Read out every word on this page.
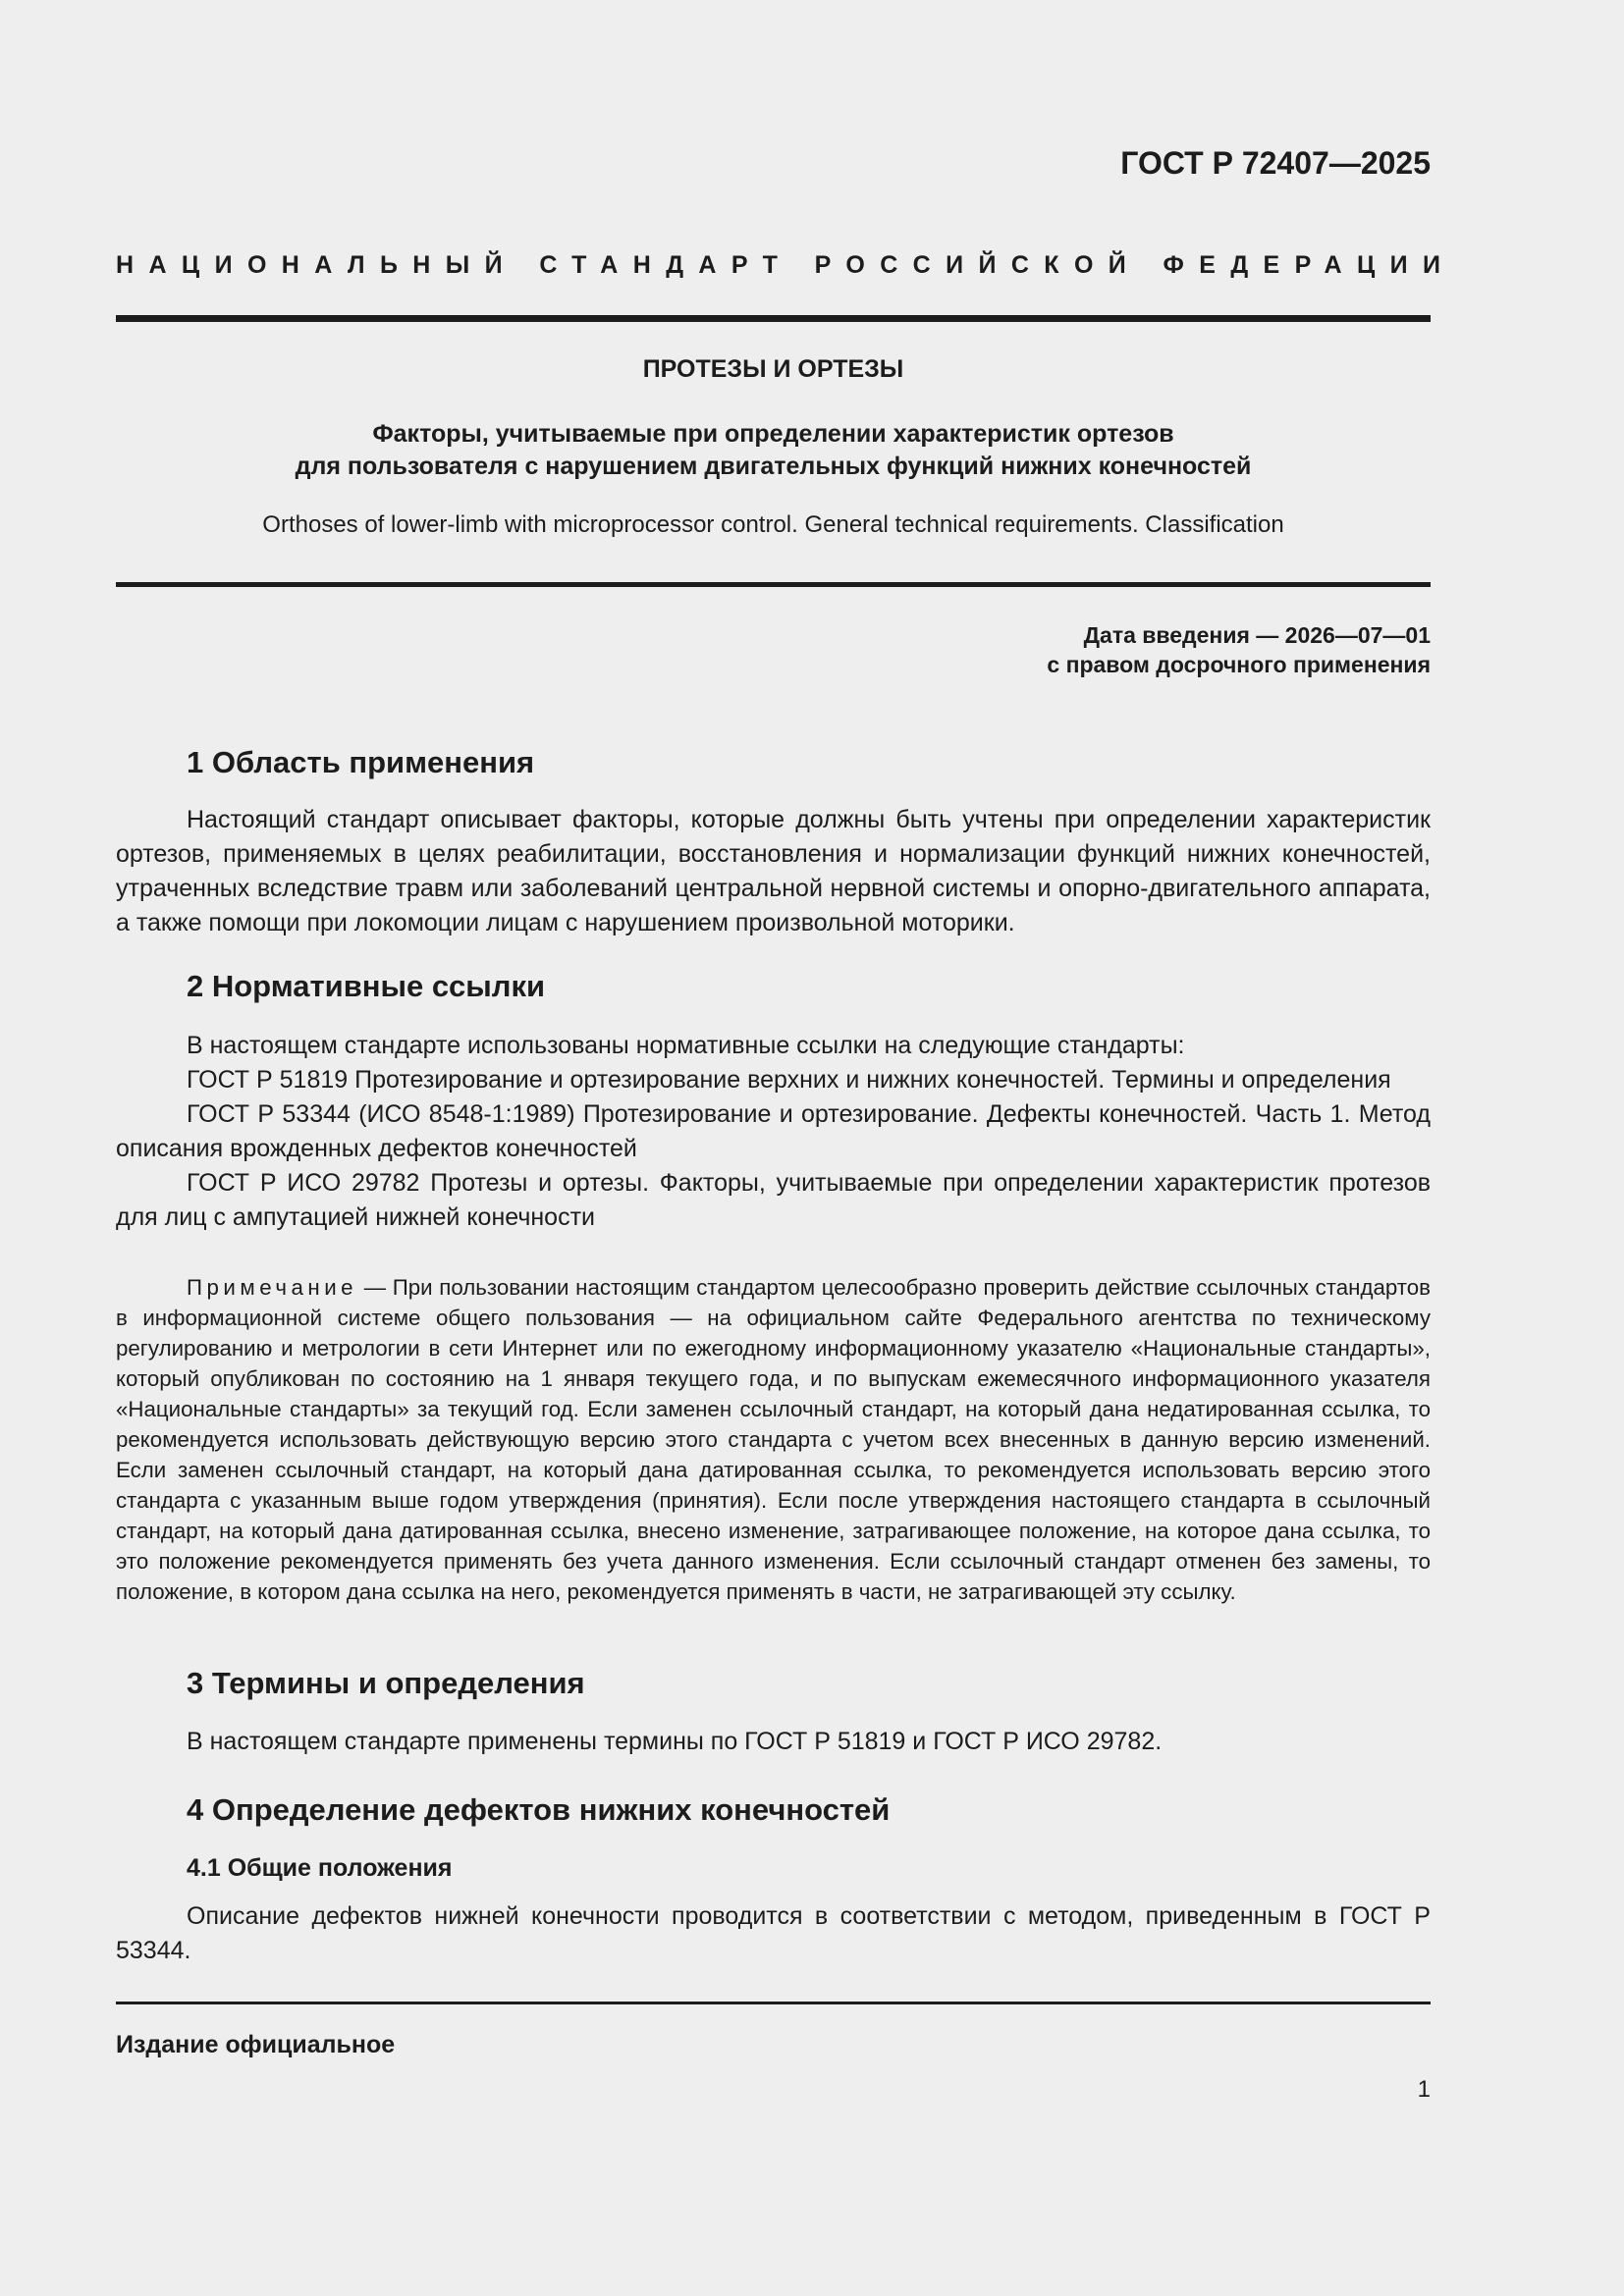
ГОСТ Р 72407—2025
НАЦИОНАЛЬНЫЙ СТАНДАРТ РОССИЙСКОЙ ФЕДЕРАЦИИ
ПРОТЕЗЫ И ОРТЕЗЫ
Факторы, учитываемые при определении характеристик ортезов
для пользователя с нарушением двигательных функций нижних конечностей
Orthoses of lower-limb with microprocessor control. General technical requirements. Classification
Дата введения — 2026—07—01
с правом досрочного применения
1 Область применения

Настоящий стандарт описывает факторы, которые должны быть учтены при определении характеристик ортезов, применяемых в целях реабилитации, восстановления и нормализации функций нижних конечностей, утраченных вследствие травм или заболеваний центральной нервной системы и опорно-двигательного аппарата, а также помощи при локомоции лицам с нарушением произвольной моторики.

2 Нормативные ссылки

В настоящем стандарте использованы нормативные ссылки на следующие стандарты:

ГОСТ Р 51819 Протезирование и ортезирование верхних и нижних конечностей. Термины и определения

ГОСТ Р 53344 (ИСО 8548-1:1989) Протезирование и ортезирование. Дефекты конечностей. Часть 1. Метод описания врожденных дефектов конечностей

ГОСТ Р ИСО 29782 Протезы и ортезы. Факторы, учитываемые при определении характеристик протезов для лиц с ампутацией нижней конечности

Примечание — При пользовании настоящим стандартом целесообразно проверить действие ссылочных стандартов в информационной системе общего пользования — на официальном сайте Федерального агентства по техническому регулированию и метрологии в сети Интернет или по ежегодному информационному указателю «Национальные стандарты», который опубликован по состоянию на 1 января текущего года, и по выпускам ежемесячного информационного указателя «Национальные стандарты» за текущий год. Если заменен ссылочный стандарт, на который дана недатированная ссылка, то рекомендуется использовать действующую версию этого стандарта с учетом всех внесенных в данную версию изменений. Если заменен ссылочный стандарт, на который дана датированная ссылка, то рекомендуется использовать версию этого стандарта с указанным выше годом утверждения (принятия). Если после утверждения настоящего стандарта в ссылочный стандарт, на который дана датированная ссылка, внесено изменение, затрагивающее положение, на которое дана ссылка, то это положение рекомендуется применять без учета данного изменения. Если ссылочный стандарт отменен без замены, то положение, в котором дана ссылка на него, рекомендуется применять в части, не затрагивающей эту ссылку.

3 Термины и определения

В настоящем стандарте применены термины по ГОСТ Р 51819 и ГОСТ Р ИСО 29782.

4 Определение дефектов нижних конечностей
4.1 Общие положения

Описание дефектов нижней конечности проводится в соответствии с методом, приведенным в ГОСТ Р 53344.

Издание официальное
1
